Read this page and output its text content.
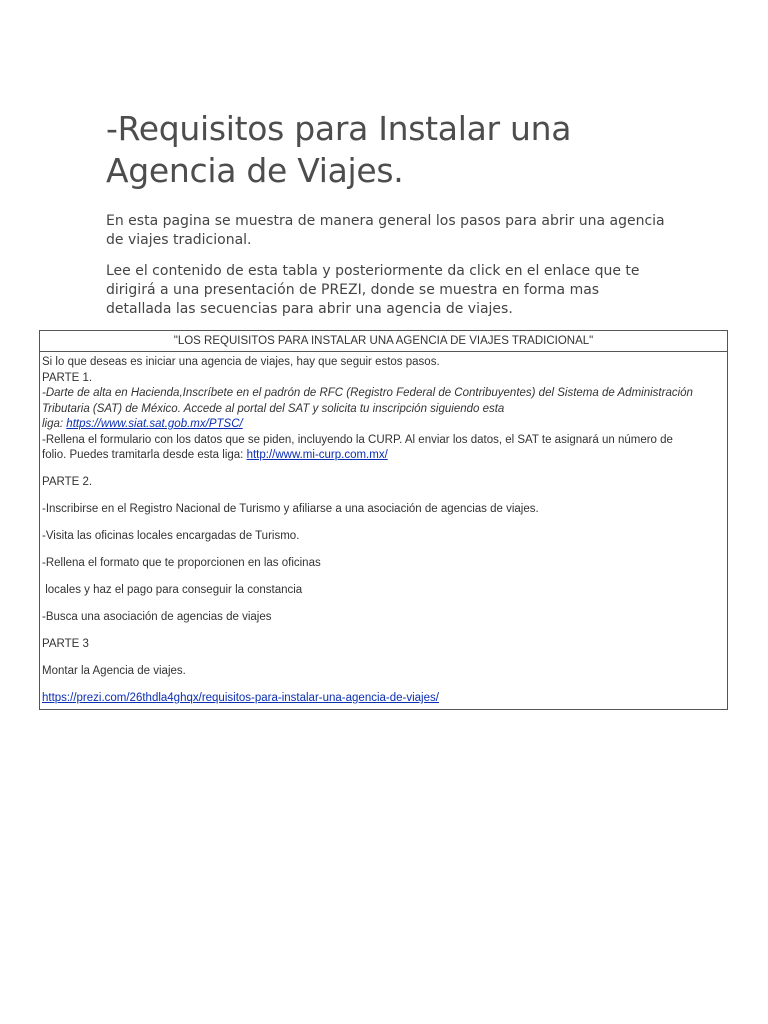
-Requisitos para Instalar una
Agencia de Viajes.

En esta pagina se muestra de manera general los pasos para abrir una agencia de viajes tradicional.

Lee el contenido de esta tabla y posteriormente da click en el enlace que te dirigirá a una presentación de PREZI, donde se muestra en forma mas detallada las secuencias para abrir una agencia de viajes.

"LOS REQUISITOS PARA INSTALAR UNA AGENCIA DE VIAJES TRADICIONAL"

Si lo que deseas es iniciar una agencia de viajes, hay que seguir estos pasos.

PARTE 1.

-Darte de alta en Hacienda,Inscríbete en el padrón de RFC (Registro Federal de Contribuyentes) del Sistema de Administración

Tributaria (SAT) de México. Accede al portal del SAT y solicita tu inscripción siguiendo esta

liga: https://www.siat.sat.gob.mx/PTSC/

-Rellena el formulario con los datos que se piden, incluyendo la CURP. Al enviar los datos, el SAT te asignará un número de

folio. Puedes tramitarla desde esta liga: http://www.mi-curp.com.mx/

PARTE 2.

-Inscribirse en el Registro Nacional de Turismo y afiliarse a una asociación de agencias de viajes.

-Visita las oficinas locales encargadas de Turismo.

-Rellena el formato que te proporcionen en las oficinas

locales y haz el pago para conseguir la constancia

-Busca una asociación de agencias de viajes

PARTE 3

Montar la Agencia de viajes.

https://prezi.com/26thdla4ghqx/requisitos-para-instalar-una-agencia-de-viajes/
